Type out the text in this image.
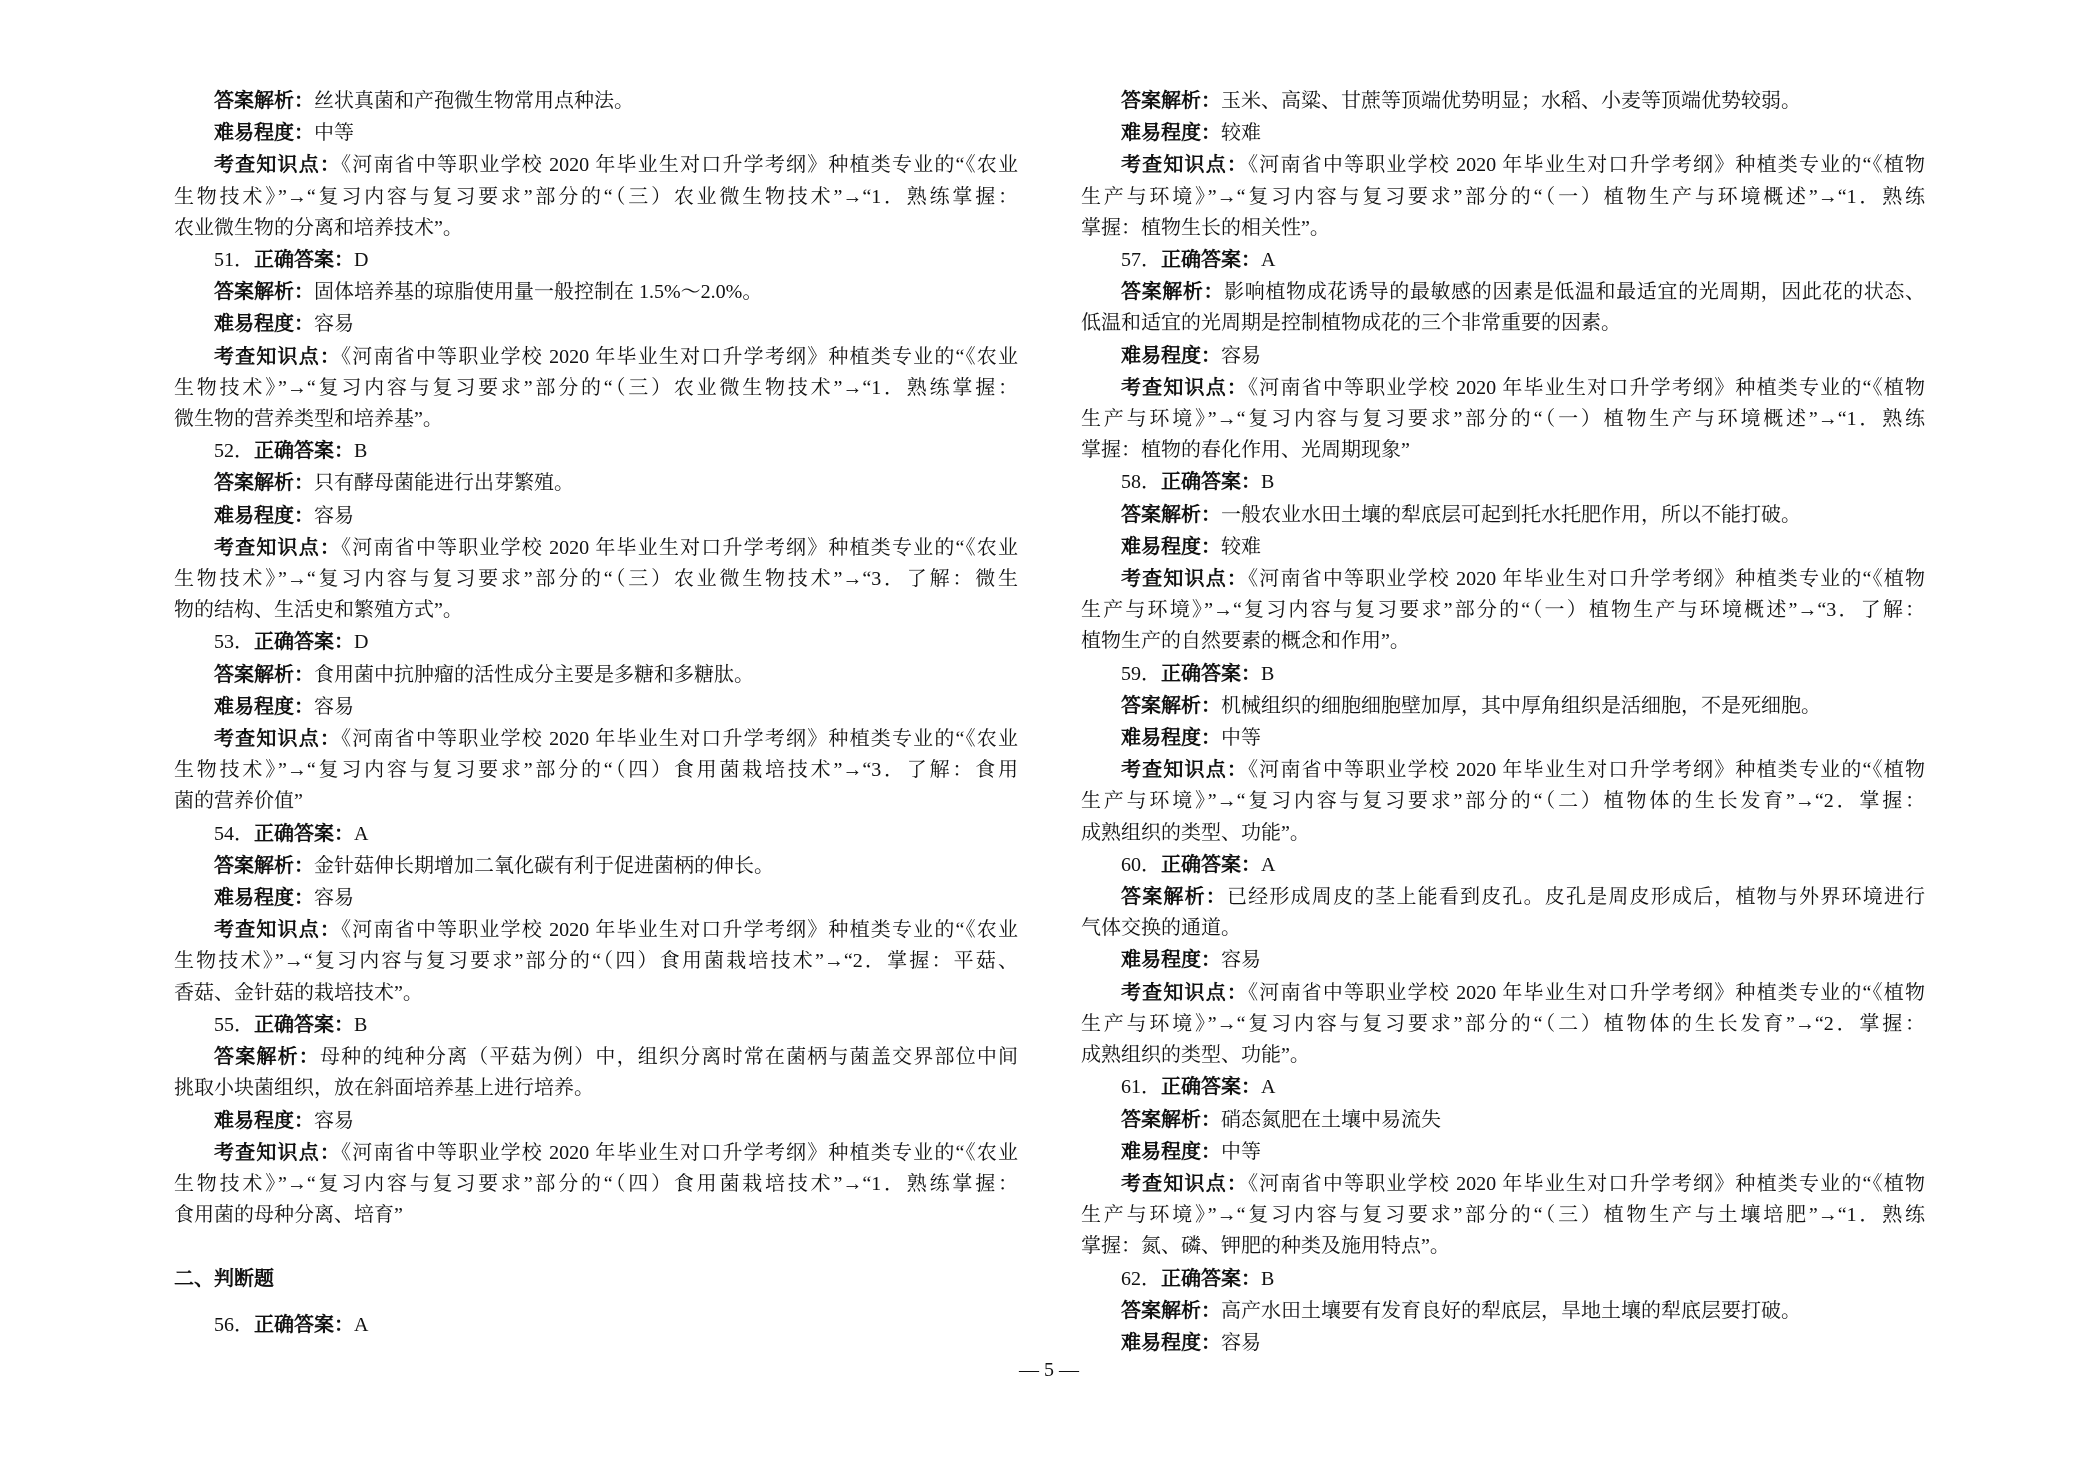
答案解析：丝状真菌和产孢微生物常用点种法。
难易程度：中等
考查知识点：《河南省中等职业学校 2020 年毕业生对口升学考纲》种植类专业的“《农业
生物技术》”→“复习内容与复习要求”部分的“（三）农业微生物技术”→“1．熟练掌握：
农业微生物的分离和培养技术”。
51．正确答案：D
答案解析：固体培养基的琼脂使用量一般控制在 1.5%～2.0%。
难易程度：容易
考查知识点：《河南省中等职业学校 2020 年毕业生对口升学考纲》种植类专业的“《农业
生物技术》”→“复习内容与复习要求”部分的“（三）农业微生物技术”→“1．熟练掌握：
微生物的营养类型和培养基”。
52．正确答案：B
答案解析：只有酵母菌能进行出芽繁殖。
难易程度：容易
考查知识点：《河南省中等职业学校 2020 年毕业生对口升学考纲》种植类专业的“《农业
生物技术》”→“复习内容与复习要求”部分的“（三）农业微生物技术”→“3．了解：微生
物的结构、生活史和繁殖方式”。
53．正确答案：D
答案解析：食用菌中抗肿瘤的活性成分主要是多糖和多糖肽。
难易程度：容易
考查知识点：《河南省中等职业学校 2020 年毕业生对口升学考纲》种植类专业的“《农业
生物技术》”→“复习内容与复习要求”部分的“（四）食用菌栽培技术”→“3．了解：食用
菌的营养价值”
54．正确答案：A
答案解析：金针菇伸长期增加二氧化碳有利于促进菌柄的伸长。
难易程度：容易
考查知识点：《河南省中等职业学校 2020 年毕业生对口升学考纲》种植类专业的“《农业
生物技术》”→“复习内容与复习要求”部分的“（四）食用菌栽培技术”→“2．掌握：平菇、
香菇、金针菇的栽培技术”。
55．正确答案：B
答案解析：母种的纯种分离（平菇为例）中，组织分离时常在菌柄与菌盖交界部位中间
挑取小块菌组织，放在斜面培养基上进行培养。
难易程度：容易
考查知识点：《河南省中等职业学校 2020 年毕业生对口升学考纲》种植类专业的“《农业
生物技术》”→“复习内容与复习要求”部分的“（四）食用菌栽培技术”→“1．熟练掌握：
食用菌的母种分离、培育”
二、判断题
56．正确答案：A
答案解析：玉米、高粱、甘蔗等顶端优势明显；水稻、小麦等顶端优势较弱。
难易程度：较难
考查知识点：《河南省中等职业学校 2020 年毕业生对口升学考纲》种植类专业的“《植物
生产与环境》”→“复习内容与复习要求”部分的“（一）植物生产与环境概述”→“1．熟练
掌握：植物生长的相关性”。
57．正确答案：A
答案解析：影响植物成花诱导的最敏感的因素是低温和最适宜的光周期，因此花的状态、
低温和适宜的光周期是控制植物成花的三个非常重要的因素。
难易程度：容易
考查知识点：《河南省中等职业学校 2020 年毕业生对口升学考纲》种植类专业的“《植物
生产与环境》”→“复习内容与复习要求”部分的“（一）植物生产与环境概述”→“1．熟练
掌握：植物的春化作用、光周期现象”
58．正确答案：B
答案解析：一般农业水田土壤的犁底层可起到托水托肥作用，所以不能打破。
难易程度：较难
考查知识点：《河南省中等职业学校 2020 年毕业生对口升学考纲》种植类专业的“《植物
生产与环境》”→“复习内容与复习要求”部分的“（一）植物生产与环境概述”→“3．了解：
植物生产的自然要素的概念和作用”。
59．正确答案：B
答案解析：机械组织的细胞细胞壁加厚，其中厚角组织是活细胞，不是死细胞。
难易程度：中等
考查知识点：《河南省中等职业学校 2020 年毕业生对口升学考纲》种植类专业的“《植物
生产与环境》”→“复习内容与复习要求”部分的“（二）植物体的生长发育”→“2．掌握：
成熟组织的类型、功能”。
60．正确答案：A
答案解析：已经形成周皮的茎上能看到皮孔。皮孔是周皮形成后，植物与外界环境进行
气体交换的通道。
难易程度：容易
考查知识点：《河南省中等职业学校 2020 年毕业生对口升学考纲》种植类专业的“《植物
生产与环境》”→“复习内容与复习要求”部分的“（二）植物体的生长发育”→“2．掌握：
成熟组织的类型、功能”。
61．正确答案：A
答案解析：硝态氮肥在土壤中易流失
难易程度：中等
考查知识点：《河南省中等职业学校 2020 年毕业生对口升学考纲》种植类专业的“《植物
生产与环境》”→“复习内容与复习要求”部分的“（三）植物生产与土壤培肥”→“1．熟练
掌握：氮、磷、钾肥的种类及施用特点”。
62．正确答案：B
答案解析：高产水田土壤要有发育良好的犁底层，旱地土壤的犁底层要打破。
难易程度：容易
— 5 —
